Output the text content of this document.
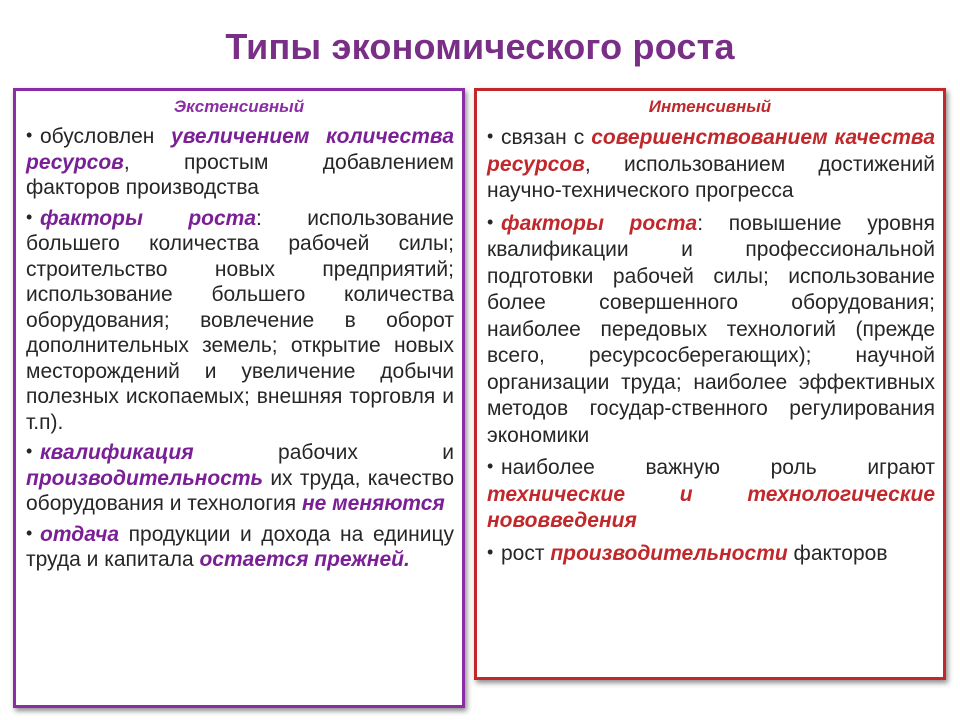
Типы экономического роста
Экстенсивный
• обусловлен увеличением количества ресурсов, простым добавлением факторов производства
• факторы роста: использование большего количества рабочей силы; строительство новых предприятий; использование большего количества оборудования; вовлечение в оборот дополнительных земель; открытие новых месторождений и увеличение добычи полезных ископаемых; внешняя торговля и т.п).
• квалификация рабочих и производительность их труда, качество оборудования и технология не меняются
• отдача продукции и дохода на единицу труда и капитала остается прежней.
Интенсивный
• связан с совершенствованием качества ресурсов, использованием достижений научно-технического прогресса
• факторы роста: повышение уровня квалификации и профессиональной подготовки рабочей силы; использование более совершенного оборудования; наиболее передовых технологий (прежде всего, ресурсосберегающих); научной организации труда; наиболее эффективных методов государ-ственного регулирования экономики
• наиболее важную роль играют технические и технологические нововведения
• рост производительности факторов
